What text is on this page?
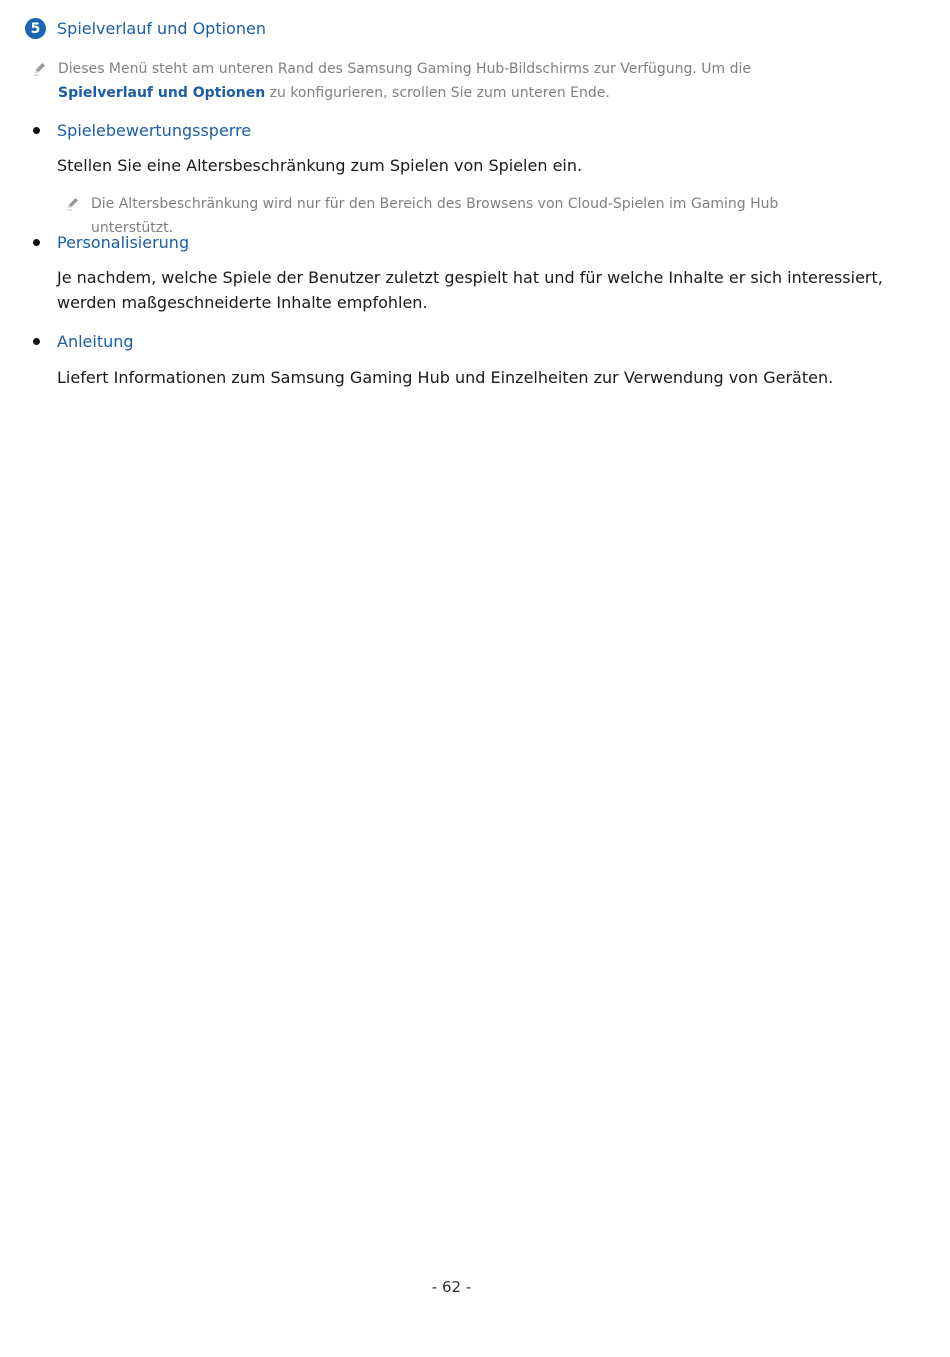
5	Spielverlauf und Optionen
Dieses Menü steht am unteren Rand des Samsung Gaming Hub-Bildschirms zur Verfügung. Um die Spielverlauf und Optionen zu konfigurieren, scrollen Sie zum unteren Ende.
Spielebewertungssperre
Stellen Sie eine Altersbeschränkung zum Spielen von Spielen ein.
Die Altersbeschränkung wird nur für den Bereich des Browsens von Cloud-Spielen im Gaming Hub unterstützt.
Personalisierung
Je nachdem, welche Spiele der Benutzer zuletzt gespielt hat und für welche Inhalte er sich interessiert, werden maßgeschneiderte Inhalte empfohlen.
Anleitung
Liefert Informationen zum Samsung Gaming Hub und Einzelheiten zur Verwendung von Geräten.
- 62 -
